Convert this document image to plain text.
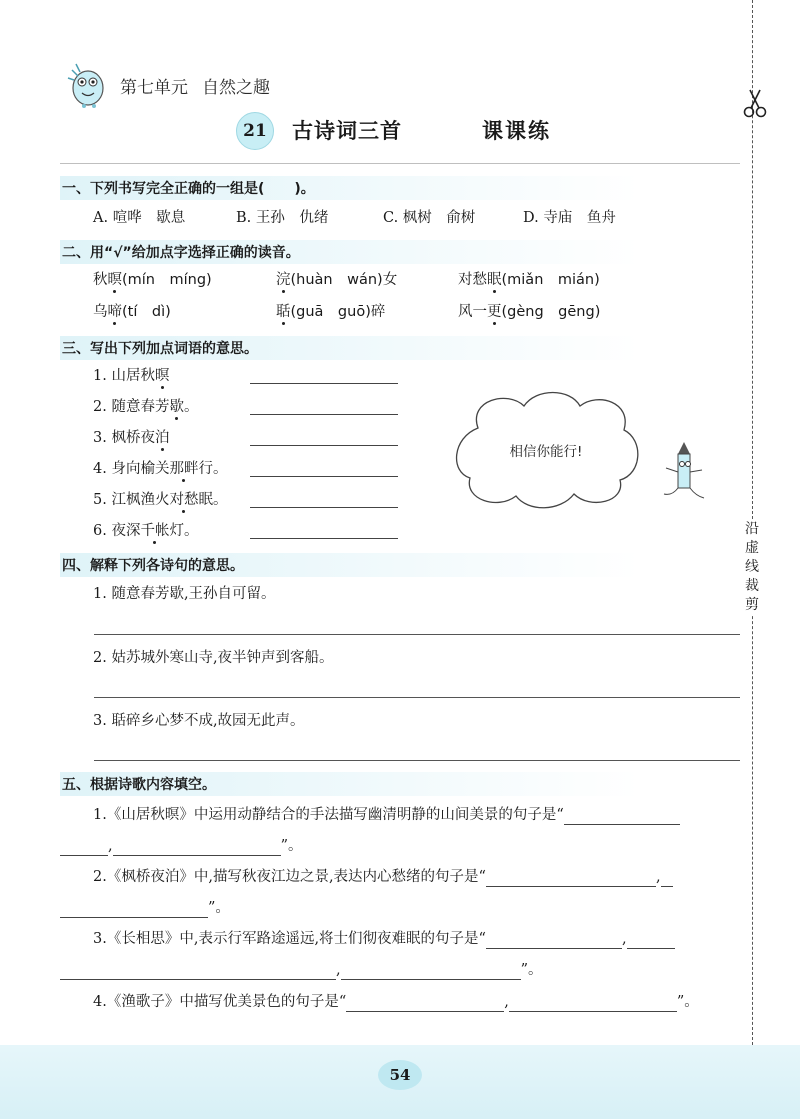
沿
虚
线
裁
剪
第七单元 自然之趣
21	古诗词三首	课课练
一、下列书写完全正确的一组是( )。
A. 喧哗　歇息	B. 王孙　仇绪	C. 枫树　俞树	D. 寺庙　鱼舟
二、用“√”给加点字选择正确的读音。
秋暝(mín　míng)	浣(huàn　wán)女	对愁眠(miǎn　mián)
乌啼(tí　dì)	聒(guā　guō)碎	风一更(gèng　gēng)
三、写出下列加点词语的意思。
1. 山居秋暝
2. 随意春芳歇。
3. 枫桥夜泊
4. 身向榆关那畔行。
5. 江枫渔火对愁眠。
6. 夜深千帐灯。
相信你能行!
四、解释下列各诗句的意思。
1. 随意春芳歇,王孙自可留。
2. 姑苏城外寒山寺,夜半钟声到客船。
3. 聒碎乡心梦不成,故园无此声。
五、根据诗歌内容填空。
1.《山居秋暝》中运用动静结合的手法描写幽清明静的山间美景的句子是“
,	”。
2.《枫桥夜泊》中,描写秋夜江边之景,表达内心愁绪的句子是“	,
”。
3.《长相思》中,表示行军路途遥远,将士们彻夜难眠的句子是“	,
,	”。
4.《渔歌子》中描写优美景色的句子是“	,	”。
54
